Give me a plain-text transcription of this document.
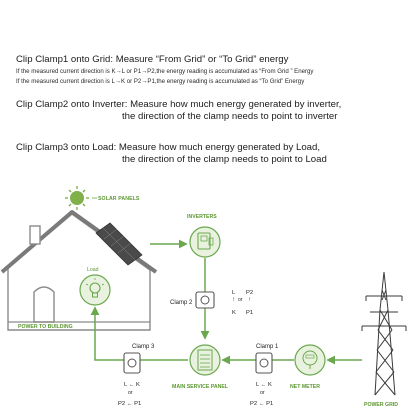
Clip Clamp1 onto Grid: Measure “From Grid” or “To Grid” energy
If the measured current direction is K→L or P1→P2,the energy reading is accumulated as “From Grid ” Energy
If the measured current direction is L→K or P2→P1,the energy reading is accumulated as “To Grid” Energy
Clip Clamp2 onto Inverter: Measure how much energy generated by inverter,
the direction of the clamp needs to point to inverter
Clip Clamp3 onto Load: Measure how much energy generated by Load,
the direction of the clamp needs to point to Load
SOLAR PANELS
Load
POWER TO BUILDING
INVERTERS
Clamp 2
L P2
↑ or ↑
K P1
MAIN SERVICE PANEL
Clamp 3
L ← K
or
P2 ← P1
NET METER
Clamp 1
L ← K
or
P2 ← P1	POWER GRID
